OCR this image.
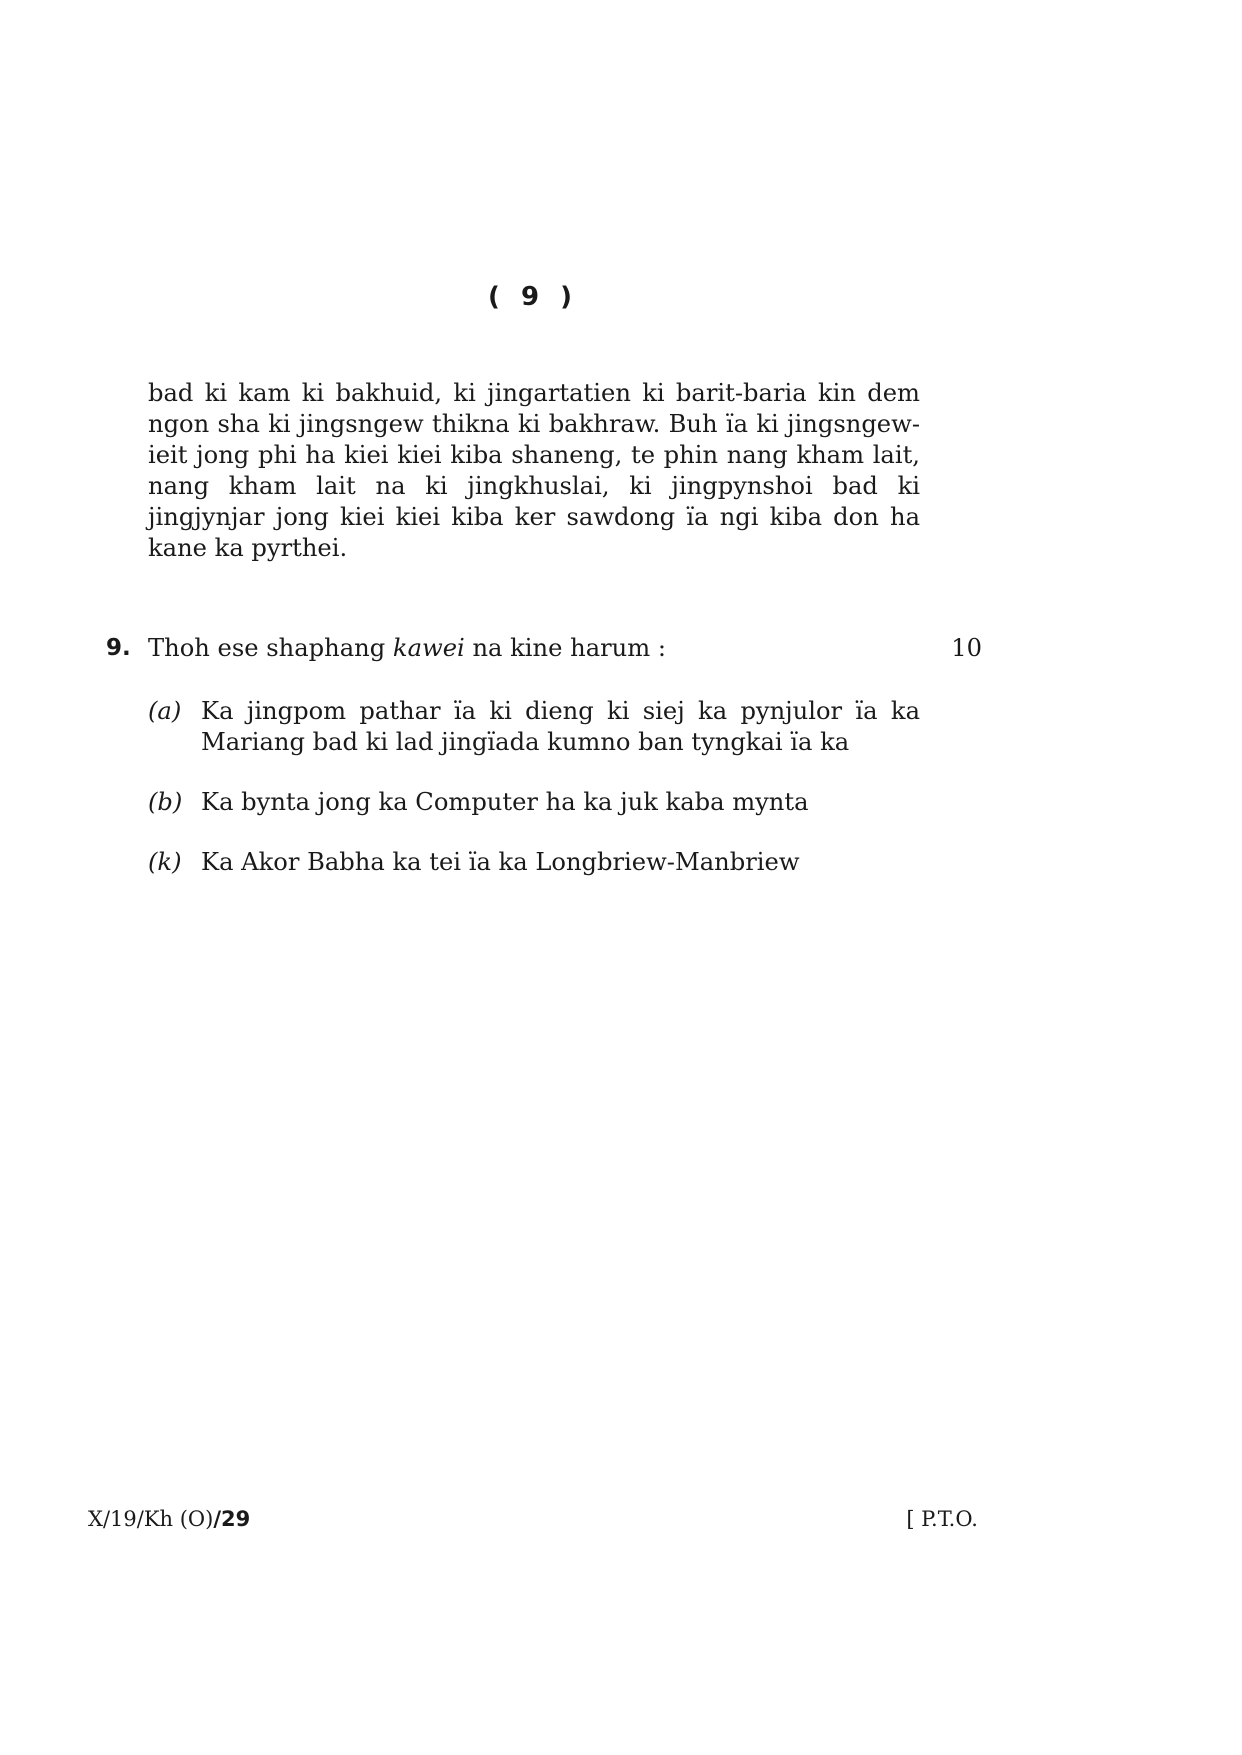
( 9 )
bad ki kam ki bakhuid, ki jingartatien ki barit-baria kin dem ngon sha ki jingsngew thikna ki bakhraw. Buh ïa ki jingsngew-ieit jong phi ha kiei kiei kiba shaneng, te phin nang kham lait, nang kham lait na ki jingkhuslai, ki jingpynshoi bad ki jingjynjar jong kiei kiei kiba ker sawdong ïa ngi kiba don ha kane ka pyrthei.
9. Thoh ese shaphang kawei na kine harum :	10
(a) Ka jingpom pathar ïa ki dieng ki siej ka pynjulor ïa ka Mariang bad ki lad jingïada kumno ban tyngkai ïa ka
(b) Ka bynta jong ka Computer ha ka juk kaba mynta
(k) Ka Akor Babha ka tei ïa ka Longbriew-Manbriew
X/19/Kh (O)/29	[ P.T.O.
